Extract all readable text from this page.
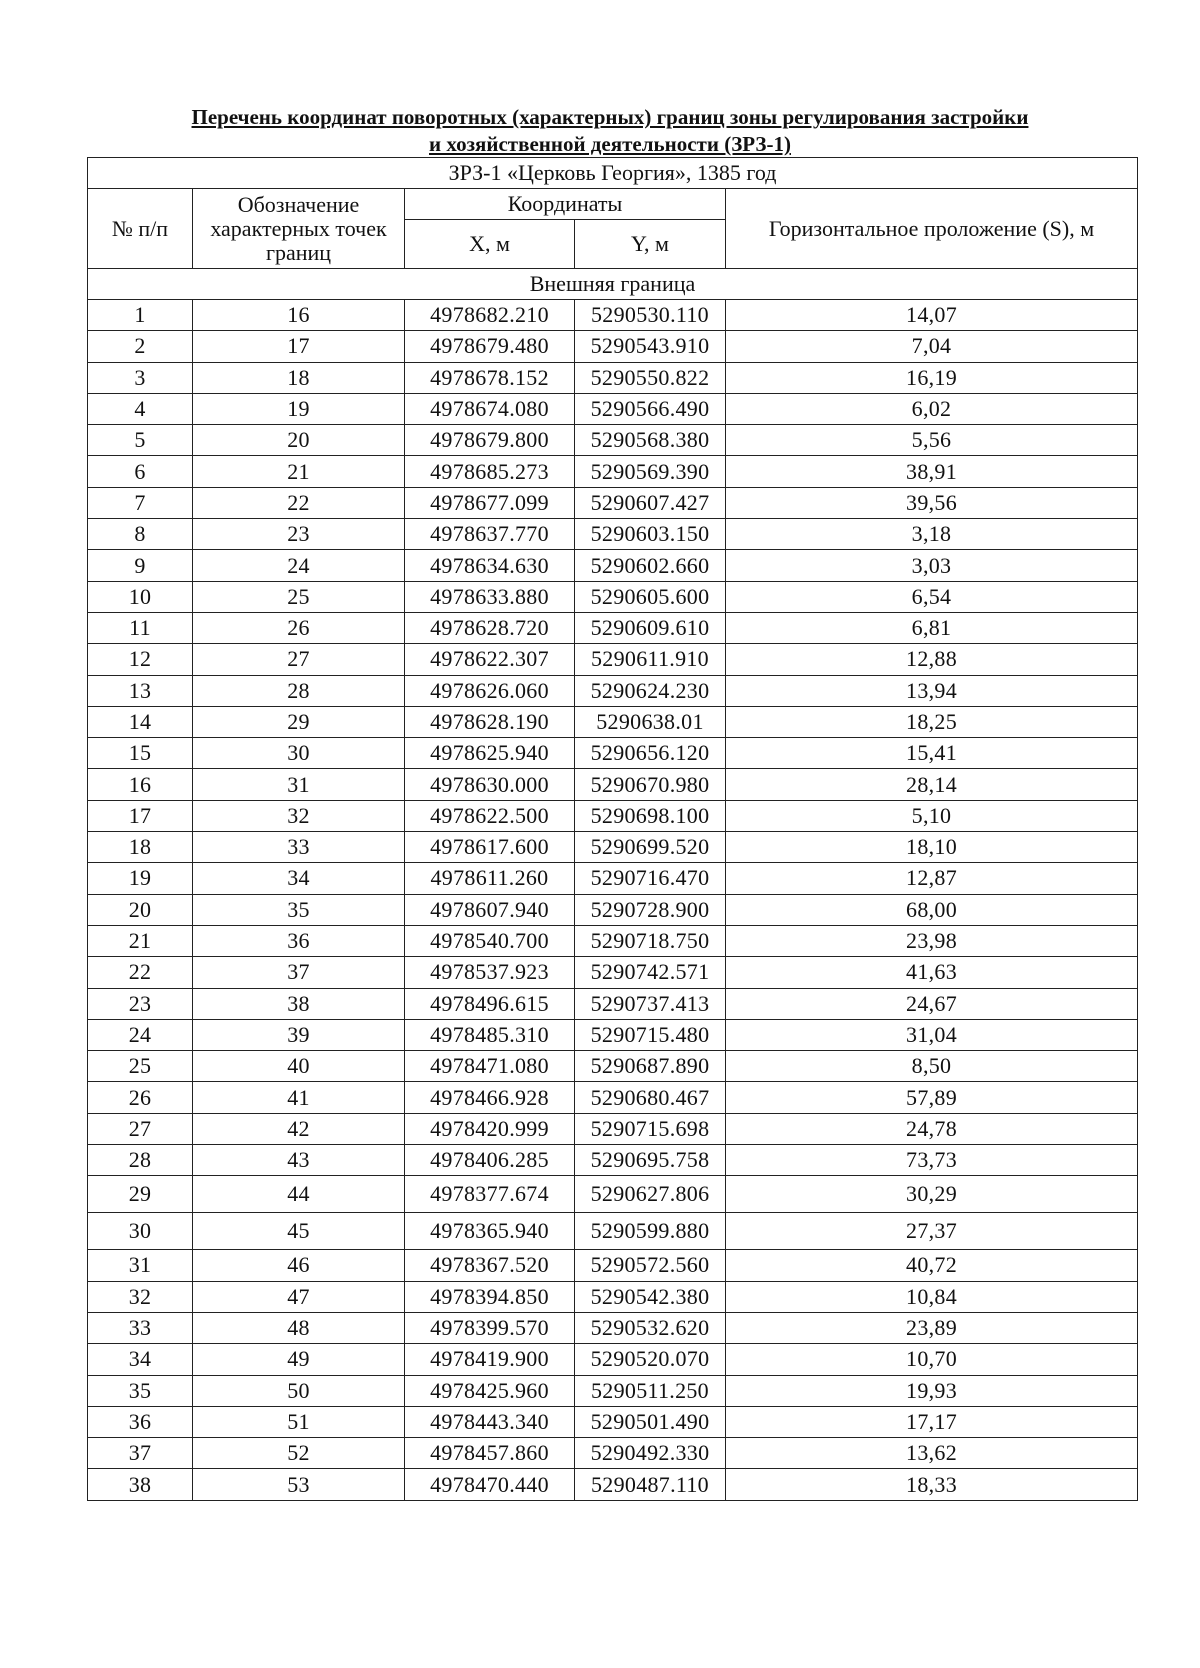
Перечень координат поворотных (характерных) границ зоны регулирования застройки
и хозяйственной деятельности (ЗРЗ-1)
ЗРЗ-1 «Церковь Георгия», 1385 год				
№ п/п	Обозначение характерных точек границ	Координаты		Горизонтальное проложение (S), м
		X, м	Y, м	
Внешняя граница				
1	16	4978682.210	5290530.110	14,07
2	17	4978679.480	5290543.910	7,04
3	18	4978678.152	5290550.822	16,19
4	19	4978674.080	5290566.490	6,02
5	20	4978679.800	5290568.380	5,56
6	21	4978685.273	5290569.390	38,91
7	22	4978677.099	5290607.427	39,56
8	23	4978637.770	5290603.150	3,18
9	24	4978634.630	5290602.660	3,03
10	25	4978633.880	5290605.600	6,54
11	26	4978628.720	5290609.610	6,81
12	27	4978622.307	5290611.910	12,88
13	28	4978626.060	5290624.230	13,94
14	29	4978628.190	5290638.01	18,25
15	30	4978625.940	5290656.120	15,41
16	31	4978630.000	5290670.980	28,14
17	32	4978622.500	5290698.100	5,10
18	33	4978617.600	5290699.520	18,10
19	34	4978611.260	5290716.470	12,87
20	35	4978607.940	5290728.900	68,00
21	36	4978540.700	5290718.750	23,98
22	37	4978537.923	5290742.571	41,63
23	38	4978496.615	5290737.413	24,67
24	39	4978485.310	5290715.480	31,04
25	40	4978471.080	5290687.890	8,50
26	41	4978466.928	5290680.467	57,89
27	42	4978420.999	5290715.698	24,78
28	43	4978406.285	5290695.758	73,73
29	44	4978377.674	5290627.806	30,29
30	45	4978365.940	5290599.880	27,37
31	46	4978367.520	5290572.560	40,72
32	47	4978394.850	5290542.380	10,84
33	48	4978399.570	5290532.620	23,89
34	49	4978419.900	5290520.070	10,70
35	50	4978425.960	5290511.250	19,93
36	51	4978443.340	5290501.490	17,17
37	52	4978457.860	5290492.330	13,62
38	53	4978470.440	5290487.110	18,33
